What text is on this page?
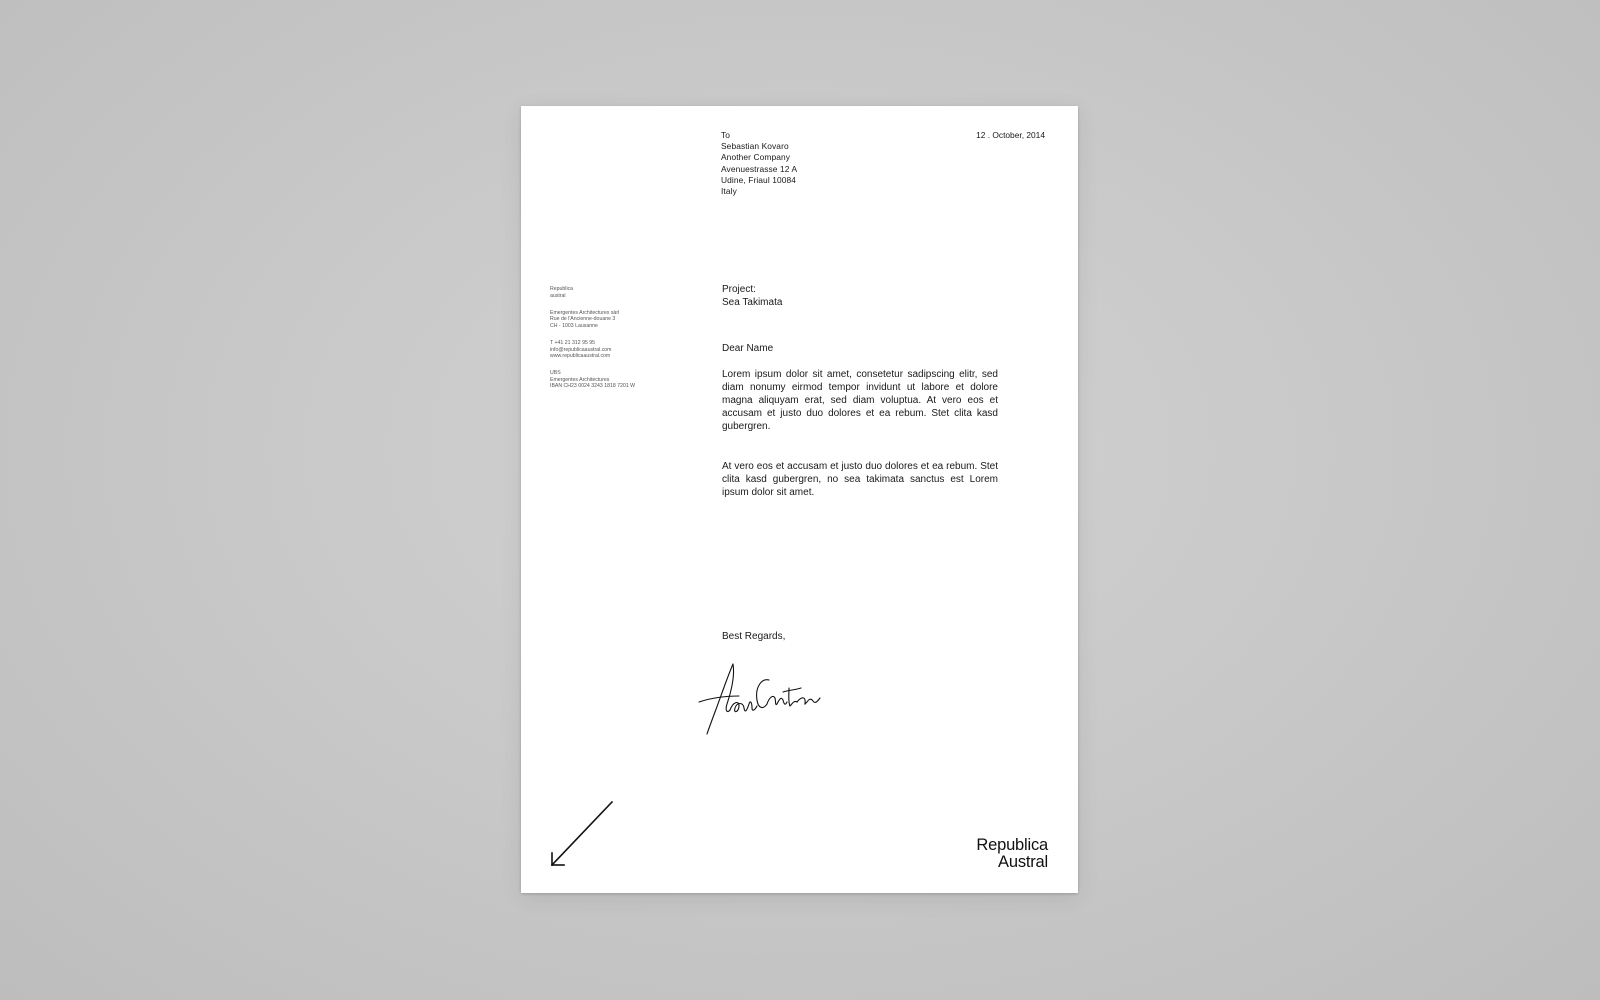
To
Sebastian Kovaro
Another Company
Avenuestrasse 12 A
Udine, Friaul 10084
Italy
12 . October, 2014
Republica
austral
Emergentes Architectures sàrl
Rue de l'Ancienne-douane 3
CH - 1003 Lausanne
T +41 21 312 95 95
info@republicaaustral.com
www.republicaaustral.com
UBS
Emergentes Architectures
IBAN CH23 0024 3243 1818 7201 W
Project:
Sea Takimata
Dear Name
Lorem ipsum dolor sit amet, consetetur sadipscing elitr, sed diam nonumy eirmod tempor invidunt ut labore et dolore magna aliquyam erat, sed diam voluptua. At vero eos et accusam et justo duo dolores et ea rebum. Stet clita kasd gubergren.
At vero eos et accusam et justo duo dolores et ea rebum. Stet clita kasd gubergren, no sea takimata sanctus est Lorem ipsum dolor sit amet.
Best Regards,
Republica
Austral
